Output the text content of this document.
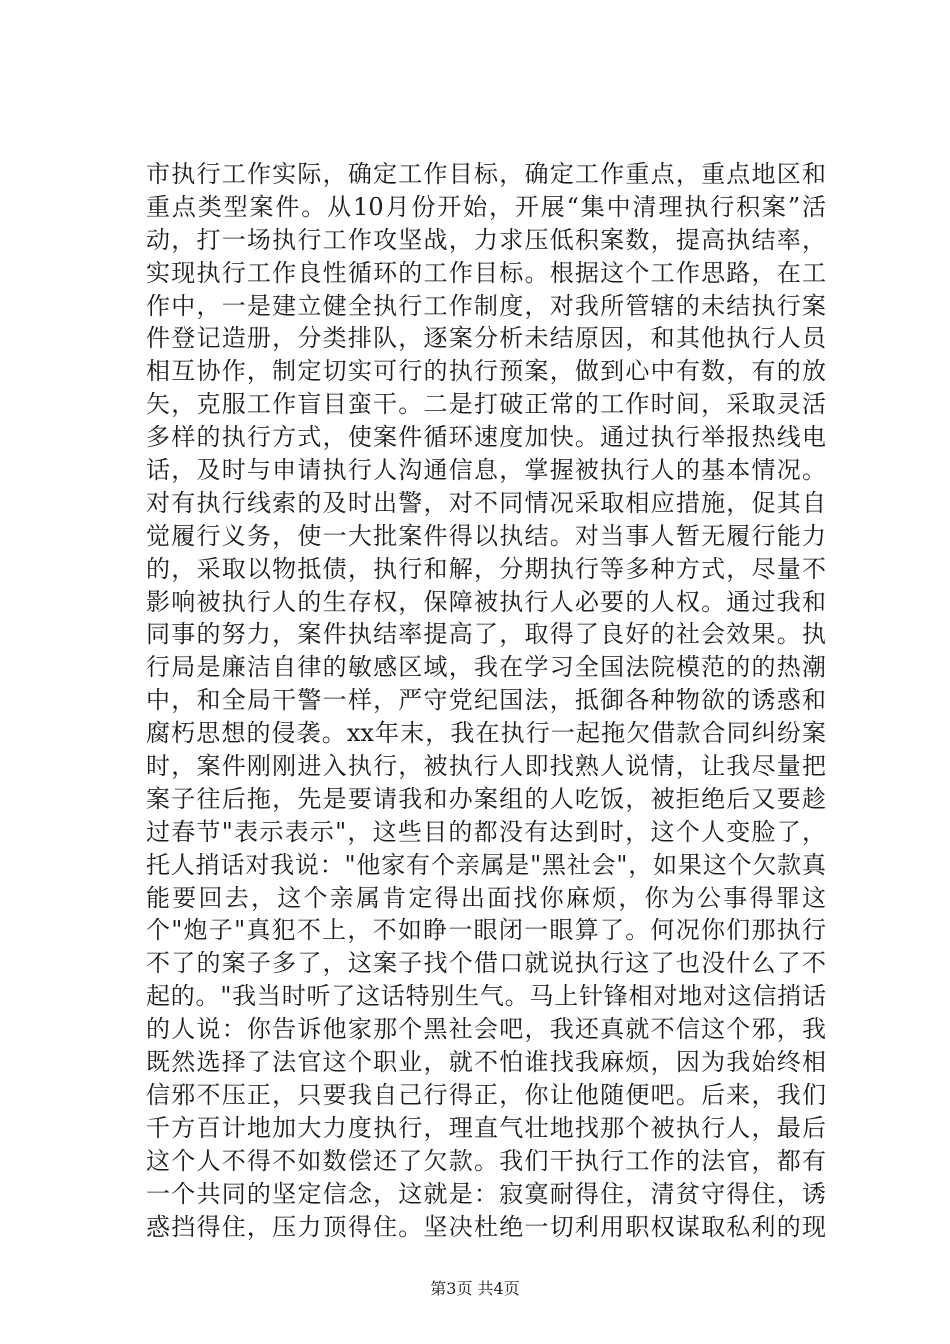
市执行工作实际，确定工作目标，确定工作重点，重点地区和
重点类型案件。从10月份开始，开展“集中清理执行积案”活
动，打一场执行工作攻坚战，力求压低积案数，提高执结率，
实现执行工作良性循环的工作目标。根据这个工作思路，在工
作中，一是建立健全执行工作制度，对我所管辖的未结执行案
件登记造册，分类排队，逐案分析未结原因，和其他执行人员
相互协作，制定切实可行的执行预案，做到心中有数，有的放
矢，克服工作盲目蛮干。二是打破正常的工作时间，采取灵活
多样的执行方式，使案件循环速度加快。通过执行举报热线电
话，及时与申请执行人沟通信息，掌握被执行人的基本情况。
对有执行线索的及时出警，对不同情况采取相应措施，促其自
觉履行义务，使一大批案件得以执结。对当事人暂无履行能力
的，采取以物抵债，执行和解，分期执行等多种方式，尽量不
影响被执行人的生存权，保障被执行人必要的人权。通过我和
同事的努力，案件执结率提高了，取得了良好的社会效果。执
行局是廉洁自律的敏感区域，我在学习全国法院模范的的热潮
中，和全局干警一样，严守党纪国法，抵御各种物欲的诱惑和
腐朽思想的侵袭。xx年末，我在执行一起拖欠借款合同纠纷案
时，案件刚刚进入执行，被执行人即找熟人说情，让我尽量把
案子往后拖，先是要请我和办案组的人吃饭，被拒绝后又要趁
过春节"表示表示"，这些目的都没有达到时，这个人变脸了，
托人捎话对我说："他家有个亲属是"黑社会"，如果这个欠款真
能要回去，这个亲属肯定得出面找你麻烦，你为公事得罪这
个"炮子"真犯不上，不如睁一眼闭一眼算了。何况你们那执行
不了的案子多了，这案子找个借口就说执行这了也没什么了不
起的。"我当时听了这话特别生气。马上针锋相对地对这信捎话
的人说：你告诉他家那个黑社会吧，我还真就不信这个邪，我
既然选择了法官这个职业，就不怕谁找我麻烦，因为我始终相
信邪不压正，只要我自己行得正，你让他随便吧。后来，我们
千方百计地加大力度执行，理直气壮地找那个被执行人，最后
这个人不得不如数偿还了欠款。我们干执行工作的法官，都有
一个共同的坚定信念，这就是：寂寞耐得住，清贫守得住，诱
惑挡得住，压力顶得住。坚决杜绝一切利用职权谋取私利的现
第3页 共4页
